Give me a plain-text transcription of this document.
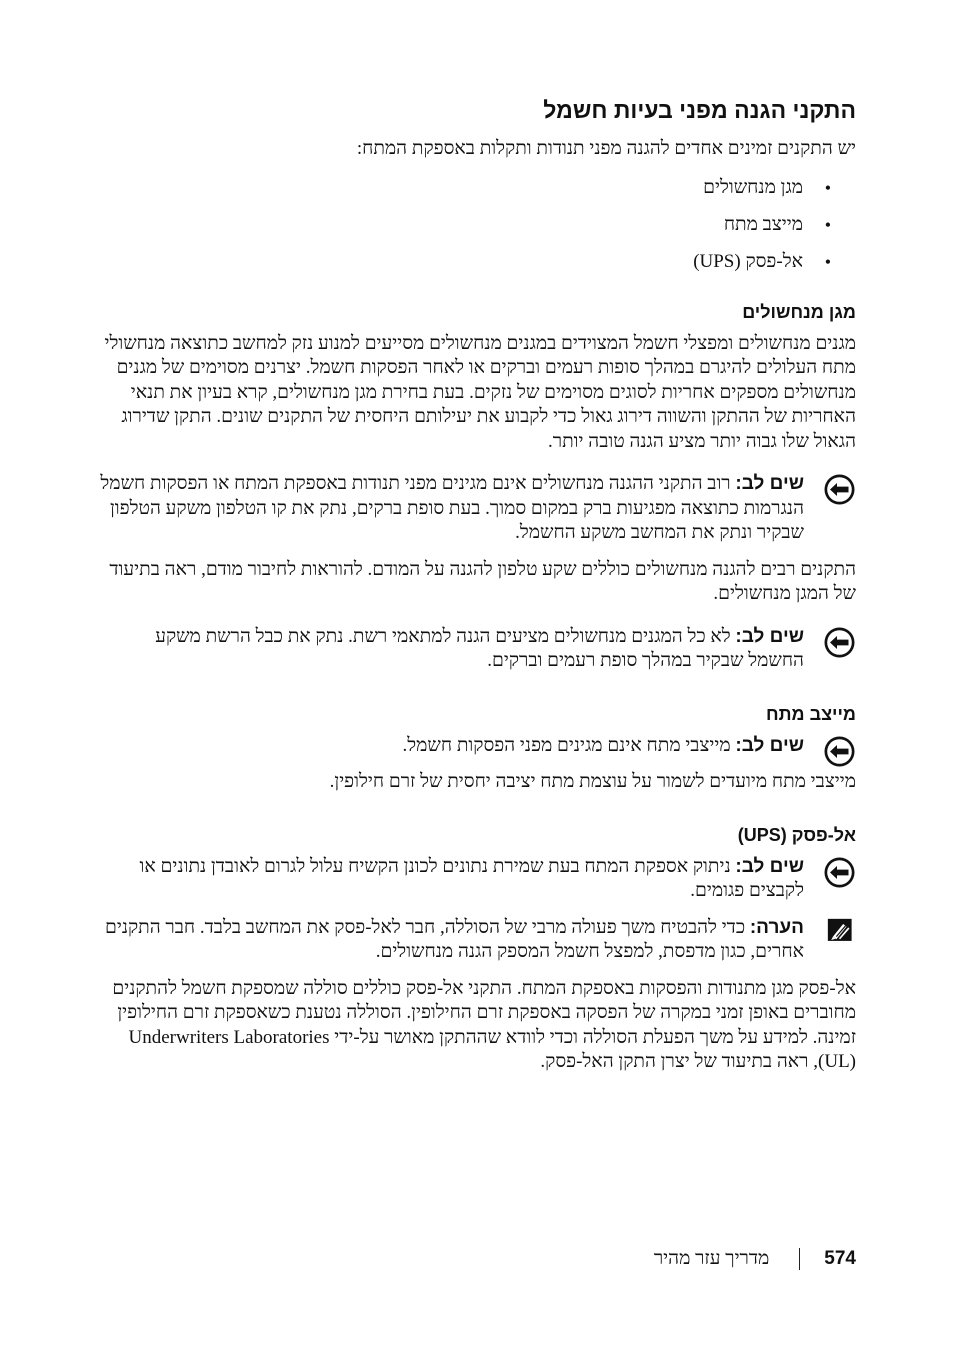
התקני הגנה מפני בעיות חשמל

יש התקנים זמינים אחדים להגנה מפני תנודות ותקלות באספקת המתח:

• מגן מנחשולים
• מייצב מתח
• אל-פסק (UPS)
מגן מנחשולים

מגנים מנחשולים ומפצלי חשמל המצוידים במגנים מנחשולים מסייעים למנוע נזק למחשב כתוצאה מנחשולי מתח העלולים להיגרם במהלך סופות רעמים וברקים או לאחר הפסקות חשמל. יצרנים מסוימים של מגנים מנחשולים מספקים אחריות לסוגים מסוימים של נזקים. בעת בחירת מגן מנחשולים, קרא בעיון את תנאי האחריות של ההתקן והשווה דירוג גאול כדי לקבוע את יעילותם היחסית של התקנים שונים. התקן שדירוג הגאול שלו גבוה יותר מציע הגנה טובה יותר.

שים לב: רוב התקני ההגנה מנחשולים אינם מגינים מפני תנודות באספקת המתח או הפסקות חשמל הנגרמות כתוצאה מפגיעות ברק במקום סמוך. בעת סופת ברקים, נתק את קו הטלפון משקע הטלפון שבקיר ונתק את המחשב משקע החשמל.

התקנים רבים להגנה מנחשולים כוללים שקע טלפון להגנה על המודם. להוראות לחיבור מודם, ראה בתיעוד של המגן מנחשולים.

שים לב: לא כל המגנים מנחשולים מציעים הגנה למתאמי רשת. נתק את כבל הרשת משקע החשמל שבקיר במהלך סופת רעמים וברקים.

מייצב מתח

שים לב: מייצבי מתח אינם מגינים מפני הפסקות חשמל.

מייצבי מתח מיועדים לשמור על עוצמת מתח יציבה יחסית של זרם חילופין.

אל-פסק (UPS)

שים לב: ניתוק אספקת המתח בעת שמירת נתונים לכונן הקשיח עלול לגרום לאובדן נתונים או לקבצים פגומים.

הערה: כדי להבטיח משך פעולה מרבי של הסוללה, חבר לאל-פסק את המחשב בלבד. חבר התקנים אחרים, כגון מדפסת, למפצל חשמל המספק הגנה מנחשולים.

אל-פסק מגן מתנודות והפסקות באספקת המתח. התקני אל-פסק כוללים סוללה שמספקת חשמל להתקנים מחוברים באופן זמני במקרה של הפסקה באספקת זרם החילופין. הסוללה נטענת כשאספקת זרם החילופין זמינה. למידע על משך הפעלת הסוללה וכדי לוודא שההתקן מאושר על-ידי Underwriters Laboratories (UL), ראה בתיעוד של יצרן התקן האל-פסק.

574
מדריך עזר מהיר
